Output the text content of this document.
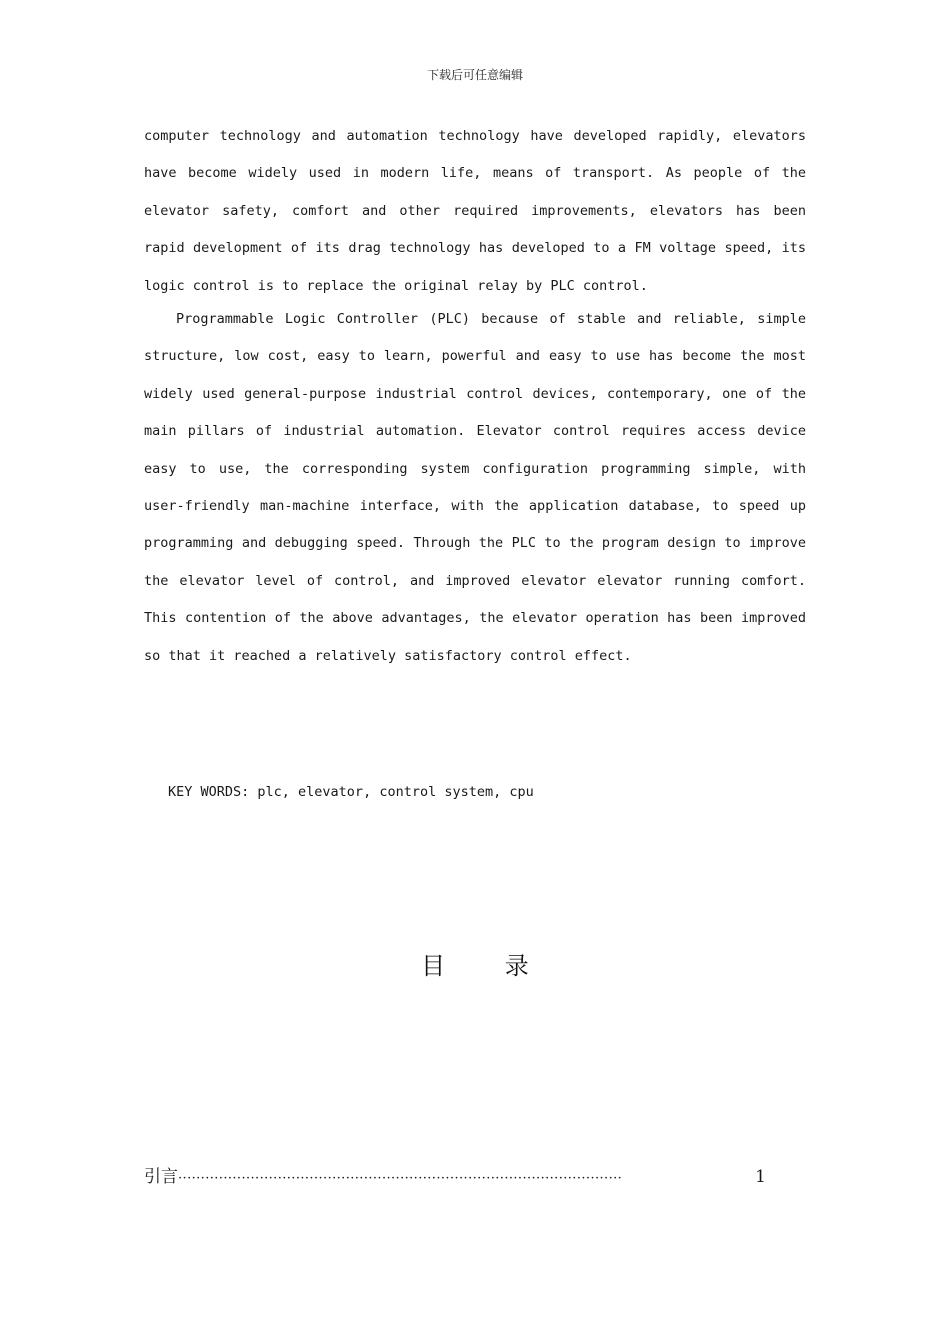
下载后可任意编辑

computer technology and automation technology have developed rapidly, elevators have become widely used in modern life, means of transport. As people of the elevator safety, comfort and other required improvements, elevators has been rapid development of its drag technology has developed to a FM voltage speed, its logic control is to replace the original relay by PLC control.

Programmable Logic Controller (PLC) because of stable and reliable, simple structure, low cost, easy to learn, powerful and easy to use has become the most widely used general-purpose industrial control devices, contemporary, one of the main pillars of industrial automation. Elevator control requires access device easy to use, the corresponding system configuration programming simple, with user-friendly man-machine interface, with the application database, to speed up programming and debugging speed. Through the PLC to the program design to improve the elevator level of control, and improved elevator elevator running comfort. This contention of the above advantages, the elevator operation has been improved so that it reached a relatively satisfactory control effect.

KEY WORDS: plc, elevator, control system, cpu
目 录
引言 ··································································································	1
